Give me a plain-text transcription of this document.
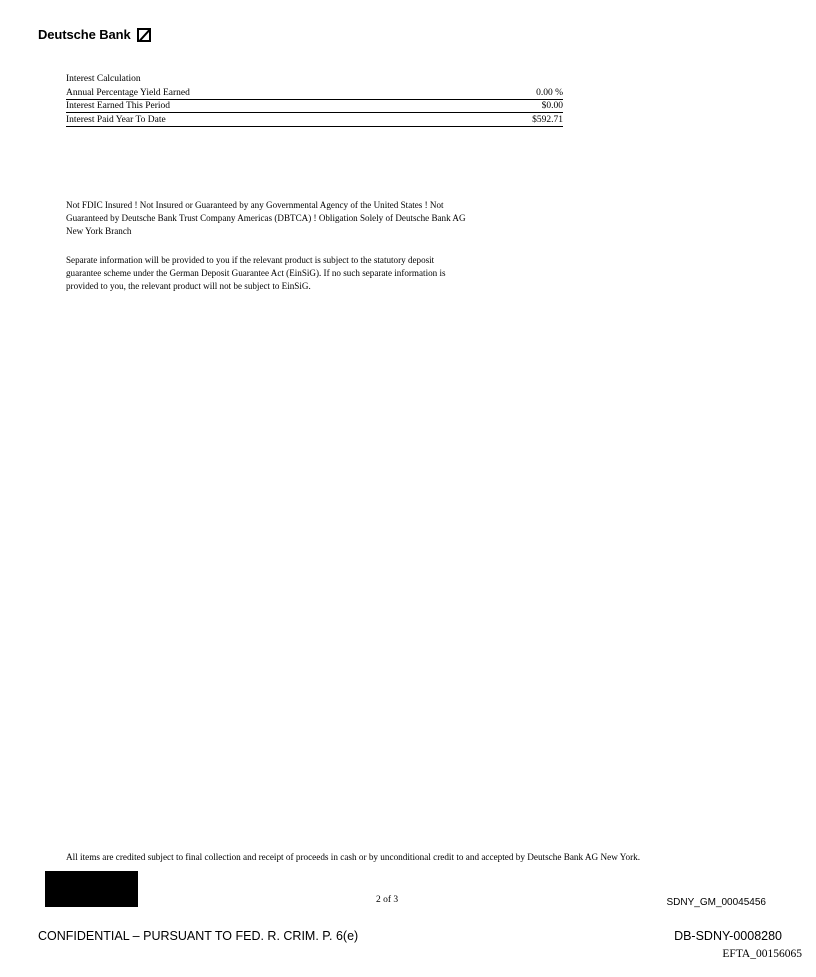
Deutsche Bank
Interest Calculation
Annual Percentage Yield Earned	0.00 %
Interest Earned This Period	$0.00
Interest Paid Year To Date	$592.71
Not FDIC Insured ! Not Insured or Guaranteed by any Governmental Agency of the United States ! Not
Guaranteed by Deutsche Bank Trust Company Americas (DBTCA) ! Obligation Solely of Deutsche Bank AG
New York Branch
Separate information will be provided to you if the relevant product is subject to the statutory deposit
guarantee scheme under the German Deposit Guarantee Act (EinSiG). If no such separate information is
provided to you, the relevant product will not be subject to EinSiG.
All items are credited subject to final collection and receipt of proceeds in cash or by unconditional credit to and accepted by Deutsche Bank AG New York.
2 of 3	SDNY_GM_00045456
CONFIDENTIAL – PURSUANT TO FED. R. CRIM. P. 6(e)	DB-SDNY-0008280
EFTA_00156065
